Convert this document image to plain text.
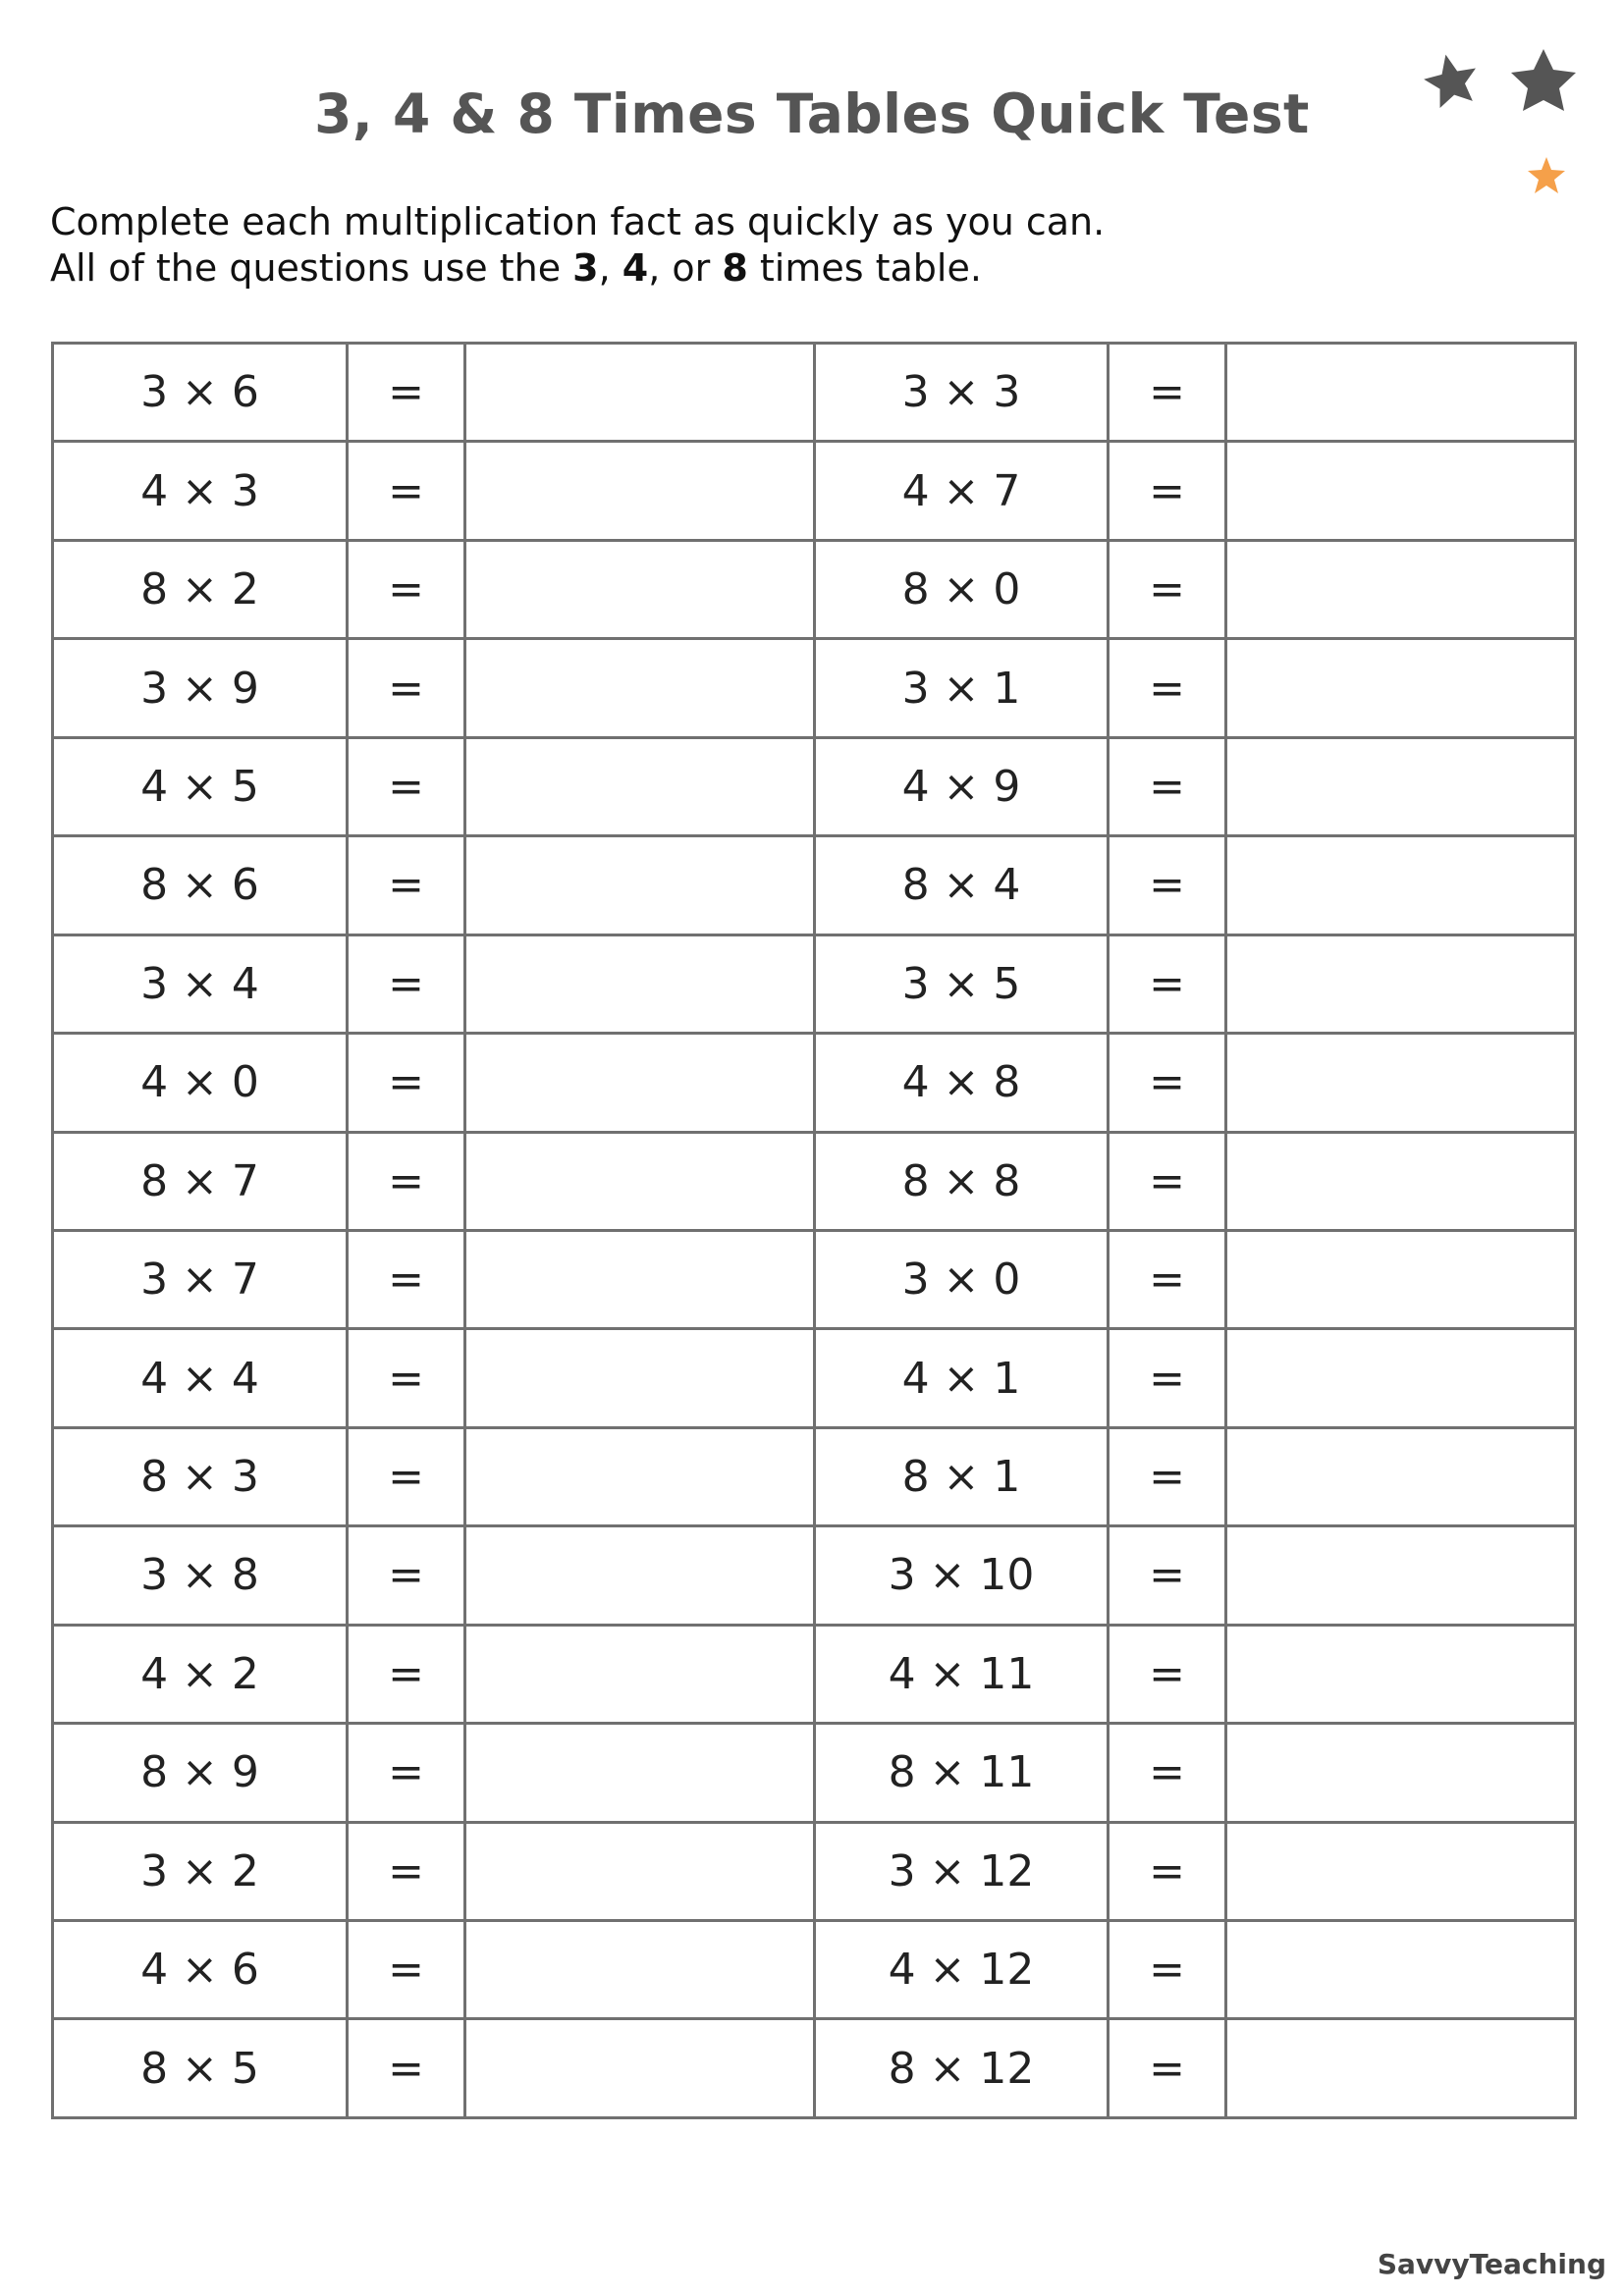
3, 4 & 8 Times Tables Quick Test
Complete each multiplication fact as quickly as you can.
All of the questions use the 3, 4, or 8 times table.
3 × 6	=		3 × 3	=	
4 × 3	=		4 × 7	=	
8 × 2	=		8 × 0	=	
3 × 9	=		3 × 1	=	
4 × 5	=		4 × 9	=	
8 × 6	=		8 × 4	=	
3 × 4	=		3 × 5	=	
4 × 0	=		4 × 8	=	
8 × 7	=		8 × 8	=	
3 × 7	=		3 × 0	=	
4 × 4	=		4 × 1	=	
8 × 3	=		8 × 1	=	
3 × 8	=		3 × 10	=	
4 × 2	=		4 × 11	=	
8 × 9	=		8 × 11	=	
3 × 2	=		3 × 12	=	
4 × 6	=		4 × 12	=	
8 × 5	=		8 × 12	=	
SavvyTeaching
